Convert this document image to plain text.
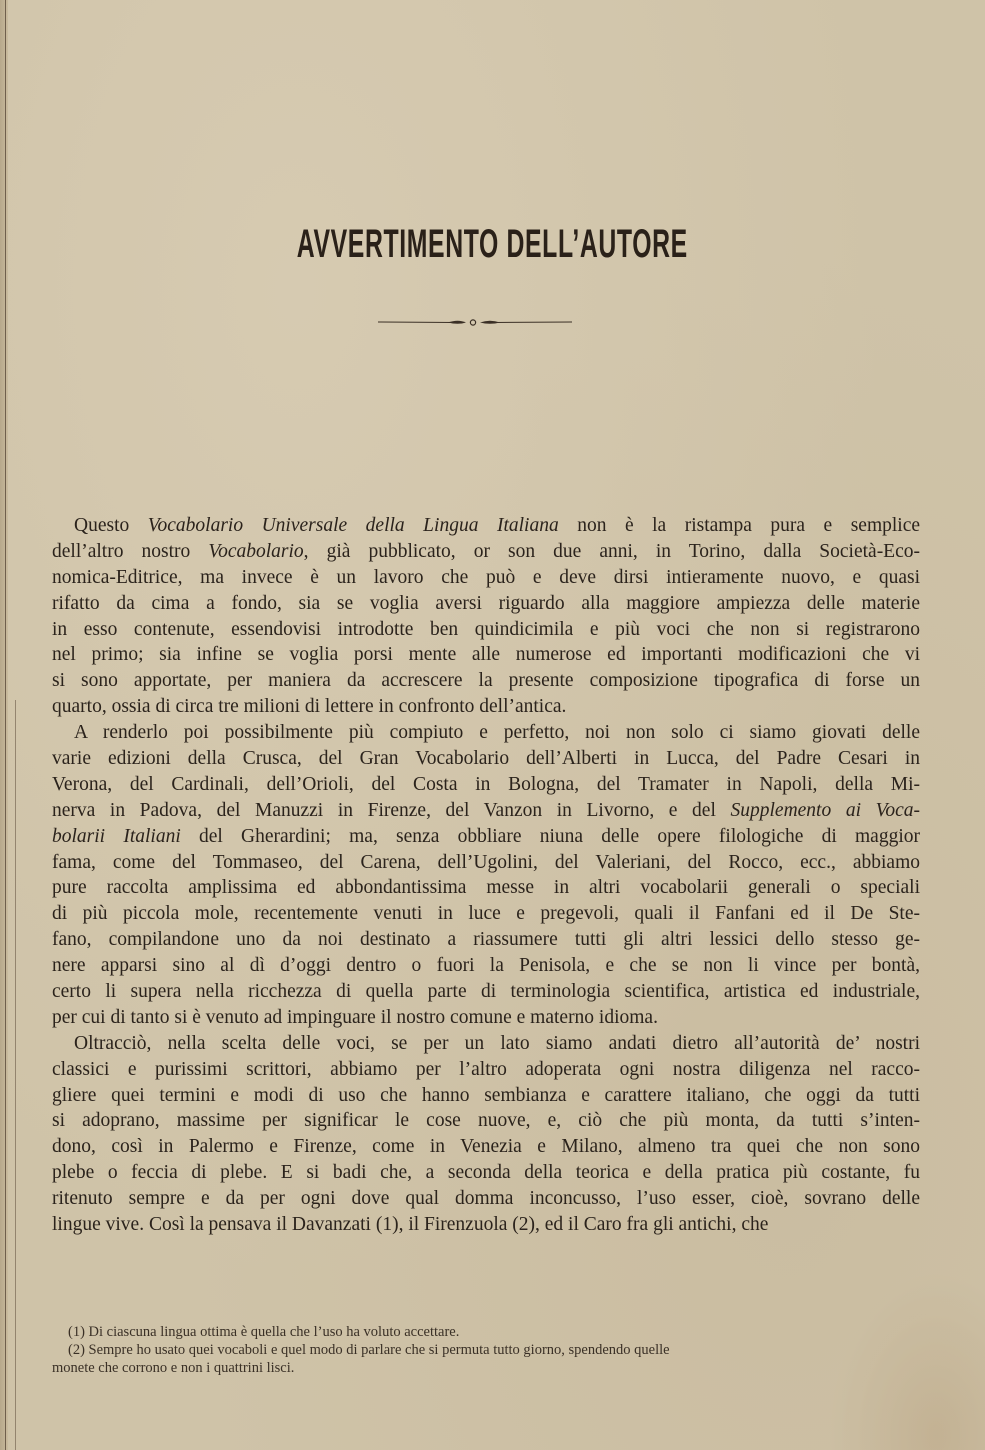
AVVERTIMENTO DELL’AUTORE
Questo Vocabolario Universale della Lingua Italiana non è la ristampa pura e semplice
dell’altro nostro Vocabolario, già pubblicato, or son due anni, in Torino, dalla Società-Eco-
nomica-Editrice, ma invece è un lavoro che può e deve dirsi intieramente nuovo, e quasi
rifatto da cima a fondo, sia se voglia aversi riguardo alla maggiore ampiezza delle materie
in esso contenute, essendovisi introdotte ben quindicimila e più voci che non si registrarono
nel primo; sia infine se voglia porsi mente alle numerose ed importanti modificazioni che vi
si sono apportate, per maniera da accrescere la presente composizione tipografica di forse un
quarto, ossia di circa tre milioni di lettere in confronto dell’antica.
A renderlo poi possibilmente più compiuto e perfetto, noi non solo ci siamo giovati delle
varie edizioni della Crusca, del Gran Vocabolario dell’Alberti in Lucca, del Padre Cesari in
Verona, del Cardinali, dell’Orioli, del Costa in Bologna, del Tramater in Napoli, della Mi-
nerva in Padova, del Manuzzi in Firenze, del Vanzon in Livorno, e del Supplemento ai Voca-
bolarii Italiani del Gherardini; ma, senza obbliare niuna delle opere filologiche di maggior
fama, come del Tommaseo, del Carena, dell’Ugolini, del Valeriani, del Rocco, ecc., abbiamo
pure raccolta amplissima ed abbondantissima messe in altri vocabolarii generali o speciali
di più piccola mole, recentemente venuti in luce e pregevoli, quali il Fanfani ed il De Ste-
fano, compilandone uno da noi destinato a riassumere tutti gli altri lessici dello stesso ge-
nere apparsi sino al dì d’oggi dentro o fuori la Penisola, e che se non li vince per bontà,
certo li supera nella ricchezza di quella parte di terminologia scientifica, artistica ed industriale,
per cui di tanto si è venuto ad impinguare il nostro comune e materno idioma.
Oltracciò, nella scelta delle voci, se per un lato siamo andati dietro all’autorità de’ nostri
classici e purissimi scrittori, abbiamo per l’altro adoperata ogni nostra diligenza nel racco-
gliere quei termini e modi di uso che hanno sembianza e carattere italiano, che oggi da tutti
si adoprano, massime per significar le cose nuove, e, ciò che più monta, da tutti s’inten-
dono, così in Palermo e Firenze, come in Venezia e Milano, almeno tra quei che non sono
plebe o feccia di plebe. E si badi che, a seconda della teorica e della pratica più costante, fu
ritenuto sempre e da per ogni dove qual domma inconcusso, l’uso esser, cioè, sovrano delle
lingue vive. Così la pensava il Davanzati (1), il Firenzuola (2), ed il Caro fra gli antichi, che
(1) Di ciascuna lingua ottima è quella che l’uso ha voluto accettare.
(2) Sempre ho usato quei vocaboli e quel modo di parlare che si permuta tutto giorno, spendendo quelle
monete che corrono e non i quattrini lisci.
